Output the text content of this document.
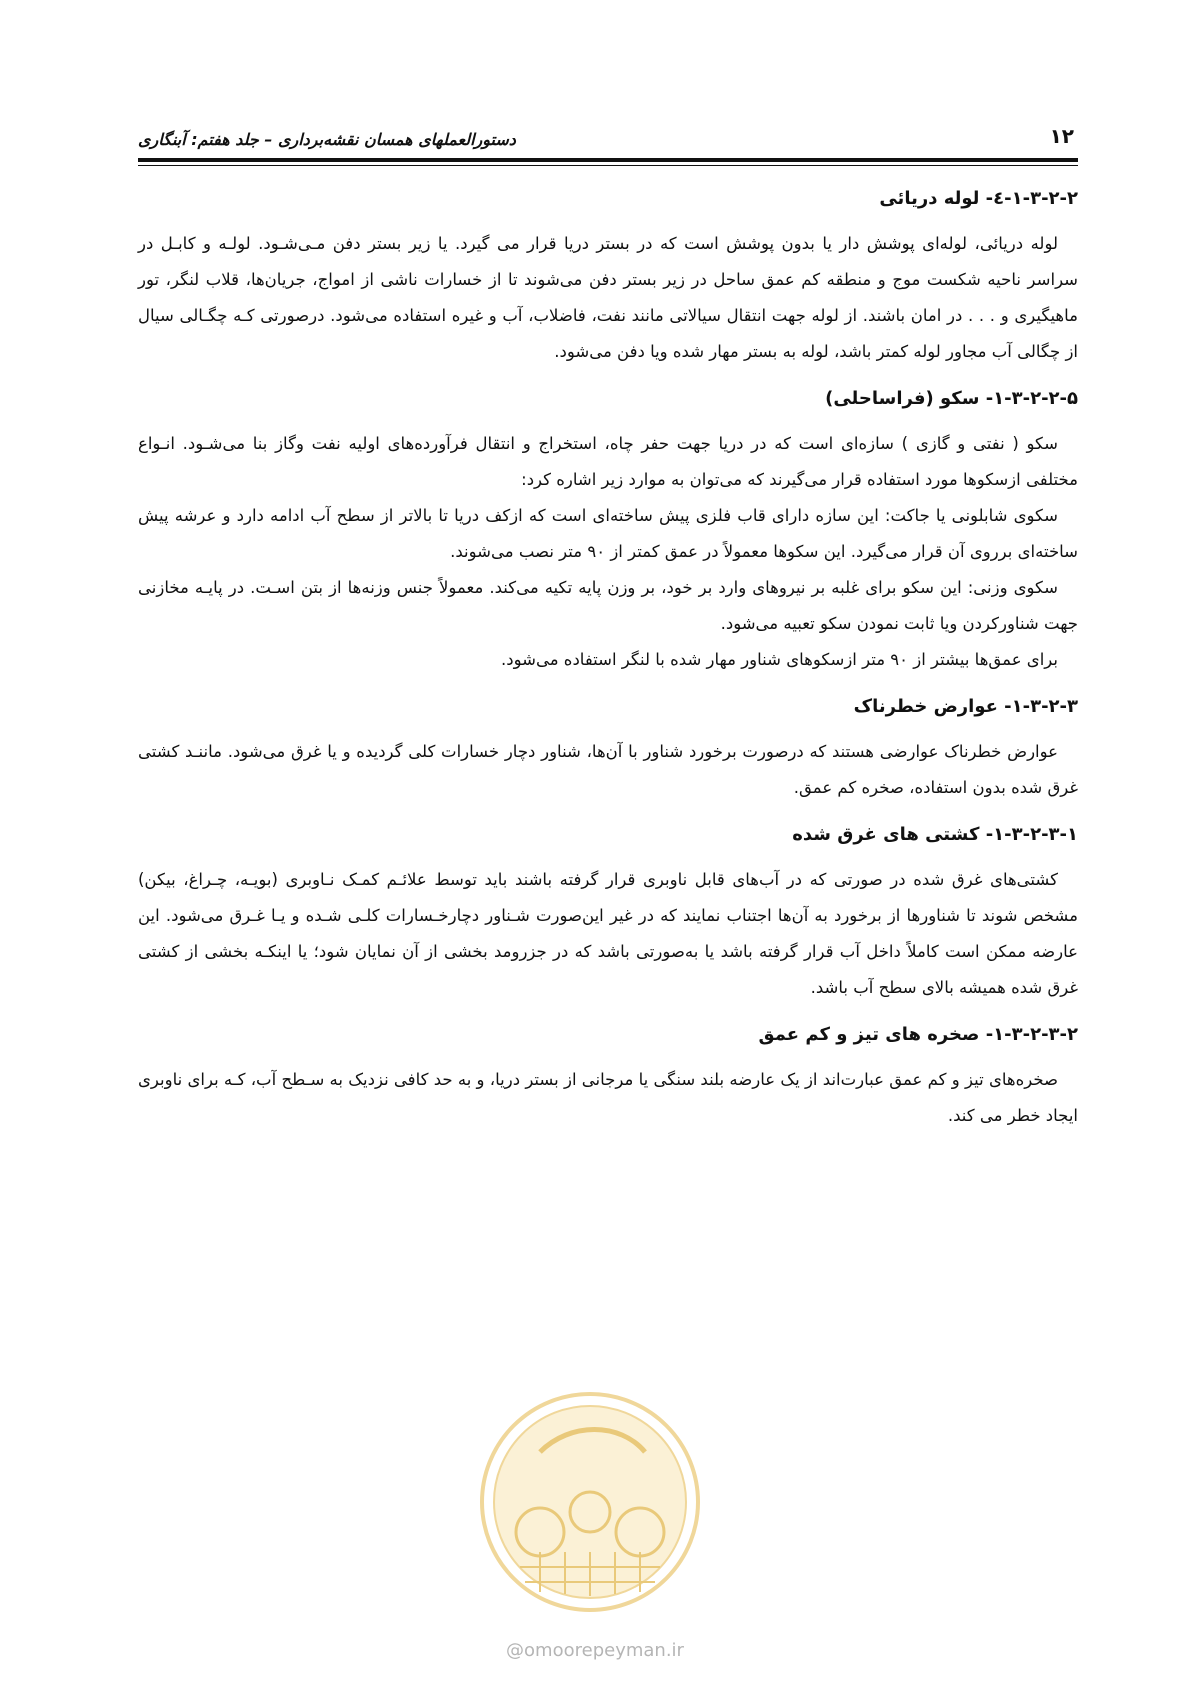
دستورالعملهای همسان نقشه‌برداری – جلد هفتم: آبنگاری	۱۲
۱-۳-۲-۲-٤- لوله دریائی

لوله دریائی، لوله‌ای پوشش دار یا بدون پوشش است که در بستر دریا قرار می گیرد. یا زیر بستر دفن مـی‌شـود. لولـه و کابـل در سراسر ناحیه شکست موج و منطقه کم عمق ساحل در زیر بستر دفن می‌شوند تا از خسارات ناشی از امواج، جریان‌ها، قلاب لنگر، تور ماهیگیری و . . . در امان باشند. از لوله جهت انتقال سیالاتی مانند نفت، فاضلاب، آب و غیره استفاده می‌شود. درصورتی کـه چگـالی سیال از چگالی آب مجاور لوله کمتر باشد، لوله به بستر مهار شده ویا دفن می‌شود.

۱-۳-۲-۲-۵- سکو (فراساحلی)

سکو ( نفتی و گازی ) سازه‌ای است که در دریا جهت حفر چاه، استخراج و انتقال فرآورده‌های اولیه نفت وگاز بنا می‌شـود. انـواع مختلفی ازسکوها مورد استفاده قرار می‌گیرند که می‌توان به موارد زیر اشاره کرد:

سکوی شابلونی یا جاکت: این سازه دارای قاب فلزی پیش ساخته‌ای است که ازکف دریا تا بالاتر از سطح آب ادامه دارد و عرشه پیش ساخته‌ای برروی آن قرار می‌گیرد. این سکوها معمولاً در عمق کمتر از ۹۰ متر نصب می‌شوند.

سکوی وزنی: این سکو برای غلبه بر نیروهای وارد بر خود، بر وزن پایه تکیه می‌کند. معمولاً جنس وزنه‌ها از بتن اسـت. در پایـه مخازنی جهت شناورکردن ویا ثابت نمودن سکو تعبیه می‌شود.

برای عمق‌ها بیشتر از ۹۰ متر ازسکوهای شناور مهار شده با لنگر استفاده می‌شود.

۱-۳-۲-۳- عوارض خطرناک

عوارض خطرناک عوارضی هستند که درصورت برخورد شناور با آن‌ها، شناور دچار خسارات کلی گردیده و یا غرق می‌شود. ماننـد کشتی غرق شده بدون استفاده، صخره کم عمق.

۱-۳-۲-۳-۱- کشتی های غرق شده

کشتی‌های غرق شده در صورتی که در آب‌های قابل ناوبری قرار گرفته باشند باید توسط علائـم کمـک نـاوبری (بویـه، چـراغ، بیکن) مشخص شوند تا شناورها از برخورد به آن‌ها اجتناب نمایند که در غیر این‌صورت شـناور دچارخـسارات کلـی شـده و یـا غـرق می‌شود. این عارضه ممکن است کاملاً داخل آب قرار گرفته باشد یا به‌صورتی باشد که در جزرومد بخشی از آن نمایان شود؛ یا اینکـه بخشی از کشتی غرق شده همیشه بالای سطح آب باشد.

۱-۳-۲-۳-۲- صخره های تیز و کم عمق

صخره‌های تیز و کم عمق عبارت‌اند از یک عارضه بلند سنگی یا مرجانی از بستر دریا، و به حد کافی نزدیک به سـطح آب، کـه برای ناوبری ایجاد خطر می کند.

@omoorepeyman.ir
